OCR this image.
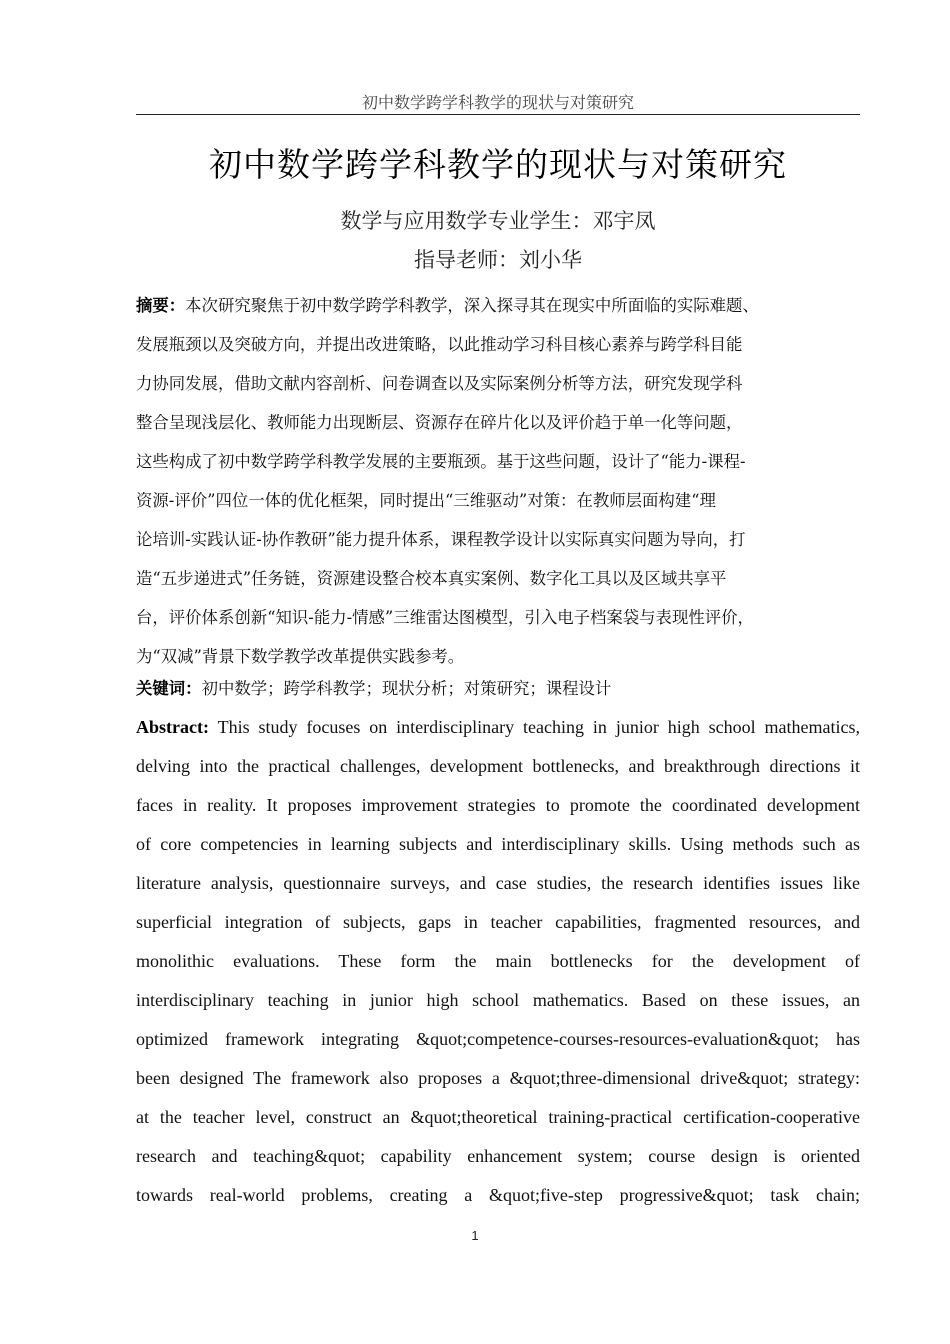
初中数学跨学科教学的现状与对策研究
初中数学跨学科教学的现状与对策研究
数学与应用数学专业学生：邓宇凤
指导老师：刘小华
摘要：本次研究聚焦于初中数学跨学科教学，深入探寻其在现实中所面临的实际难题、
发展瓶颈以及突破方向，并提出改进策略，以此推动学习科目核心素养与跨学科目能
力协同发展，借助文献内容剖析、问卷调查以及实际案例分析等方法，研究发现学科
整合呈现浅层化、教师能力出现断层、资源存在碎片化以及评价趋于单一化等问题，
这些构成了初中数学跨学科教学发展的主要瓶颈。基于这些问题，设计了“能力-课程-
资源-评价”四位一体的优化框架，同时提出“三维驱动”对策：在教师层面构建“理
论培训-实践认证-协作教研”能力提升体系，课程教学设计以实际真实问题为导向，打
造“五步递进式”任务链，资源建设整合校本真实案例、数字化工具以及区域共享平
台，评价体系创新“知识-能力-情感”三维雷达图模型，引入电子档案袋与表现性评价，
为“双减”背景下数学教学改革提供实践参考。
关键词：初中数学；跨学科教学；现状分析；对策研究；课程设计
Abstract: This study focuses on interdisciplinary teaching in junior high school mathematics,
delving into the practical challenges, development bottlenecks, and breakthrough directions it
faces in reality. It proposes improvement strategies to promote the coordinated development
of core competencies in learning subjects and interdisciplinary skills. Using methods such as
literature analysis, questionnaire surveys, and case studies, the research identifies issues like
superficial integration of subjects, gaps in teacher capabilities, fragmented resources, and
monolithic evaluations. These form the main bottlenecks for the development of
interdisciplinary teaching in junior high school mathematics. Based on these issues, an
optimized framework integrating &quot;competence-courses-resources-evaluation&quot; has
been designed The framework also proposes a &quot;three-dimensional drive&quot; strategy:
at the teacher level, construct an &quot;theoretical training-practical certification-cooperative
research and teaching&quot; capability enhancement system; course design is oriented
towards real-world problems, creating a &quot;five-step progressive&quot; task chain;
1
